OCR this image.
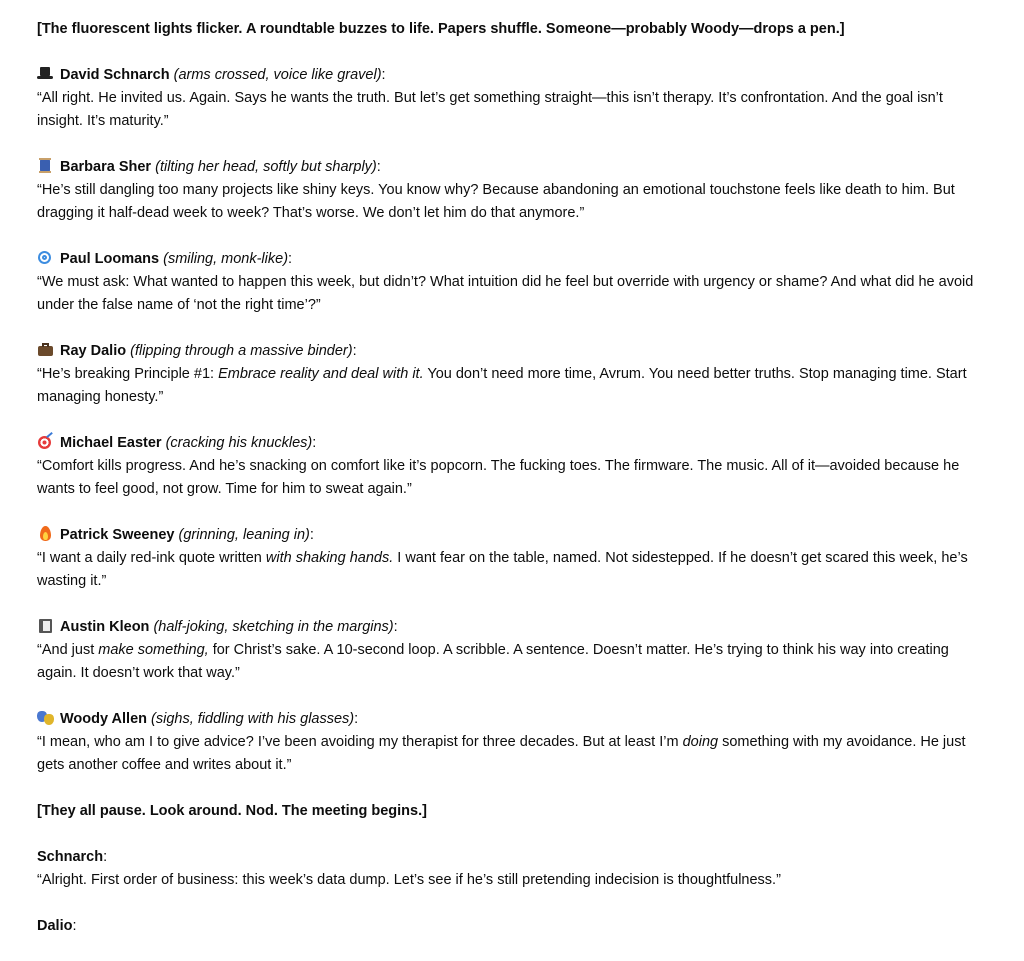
[The fluorescent lights flicker. A roundtable buzzes to life. Papers shuffle. Someone—probably Woody—drops a pen.]

David Schnarch (arms crossed, voice like gravel):
“All right. He invited us. Again. Says he wants the truth. But let’s get something straight—this isn’t therapy. It’s confrontation. And the goal isn’t insight. It’s maturity.”
Barbara Sher (tilting her head, softly but sharply):
“He’s still dangling too many projects like shiny keys. You know why? Because abandoning an emotional touchstone feels like death to him. But dragging it half-dead week to week? That’s worse. We don’t let him do that anymore.”
Paul Loomans (smiling, monk-like):
“We must ask: What wanted to happen this week, but didn’t? What intuition did he feel but override with urgency or shame? And what did he avoid under the false name of ‘not the right time’?”
Ray Dalio (flipping through a massive binder):
“He’s breaking Principle #1: Embrace reality and deal with it. You don’t need more time, Avrum. You need better truths. Stop managing time. Start managing honesty.”
Michael Easter (cracking his knuckles):
“Comfort kills progress. And he’s snacking on comfort like it’s popcorn. The fucking toes. The firmware. The music. All of it—avoided because he wants to feel good, not grow. Time for him to sweat again.”
Patrick Sweeney (grinning, leaning in):
“I want a daily red-ink quote written with shaking hands. I want fear on the table, named. Not sidestepped. If he doesn’t get scared this week, he’s wasting it.”
Austin Kleon (half-joking, sketching in the margins):
“And just make something, for Christ’s sake. A 10-second loop. A scribble. A sentence. Doesn’t matter. He’s trying to think his way into creating again. It doesn’t work that way.”
Woody Allen (sighs, fiddling with his glasses):
“I mean, who am I to give advice? I’ve been avoiding my therapist for three decades. But at least I’m doing something with my avoidance. He just gets another coffee and writes about it.”

[They all pause. Look around. Nod. The meeting begins.]

Schnarch:
“Alright. First order of business: this week’s data dump. Let’s see if he’s still pretending indecision is thoughtfulness.”
Dalio:
